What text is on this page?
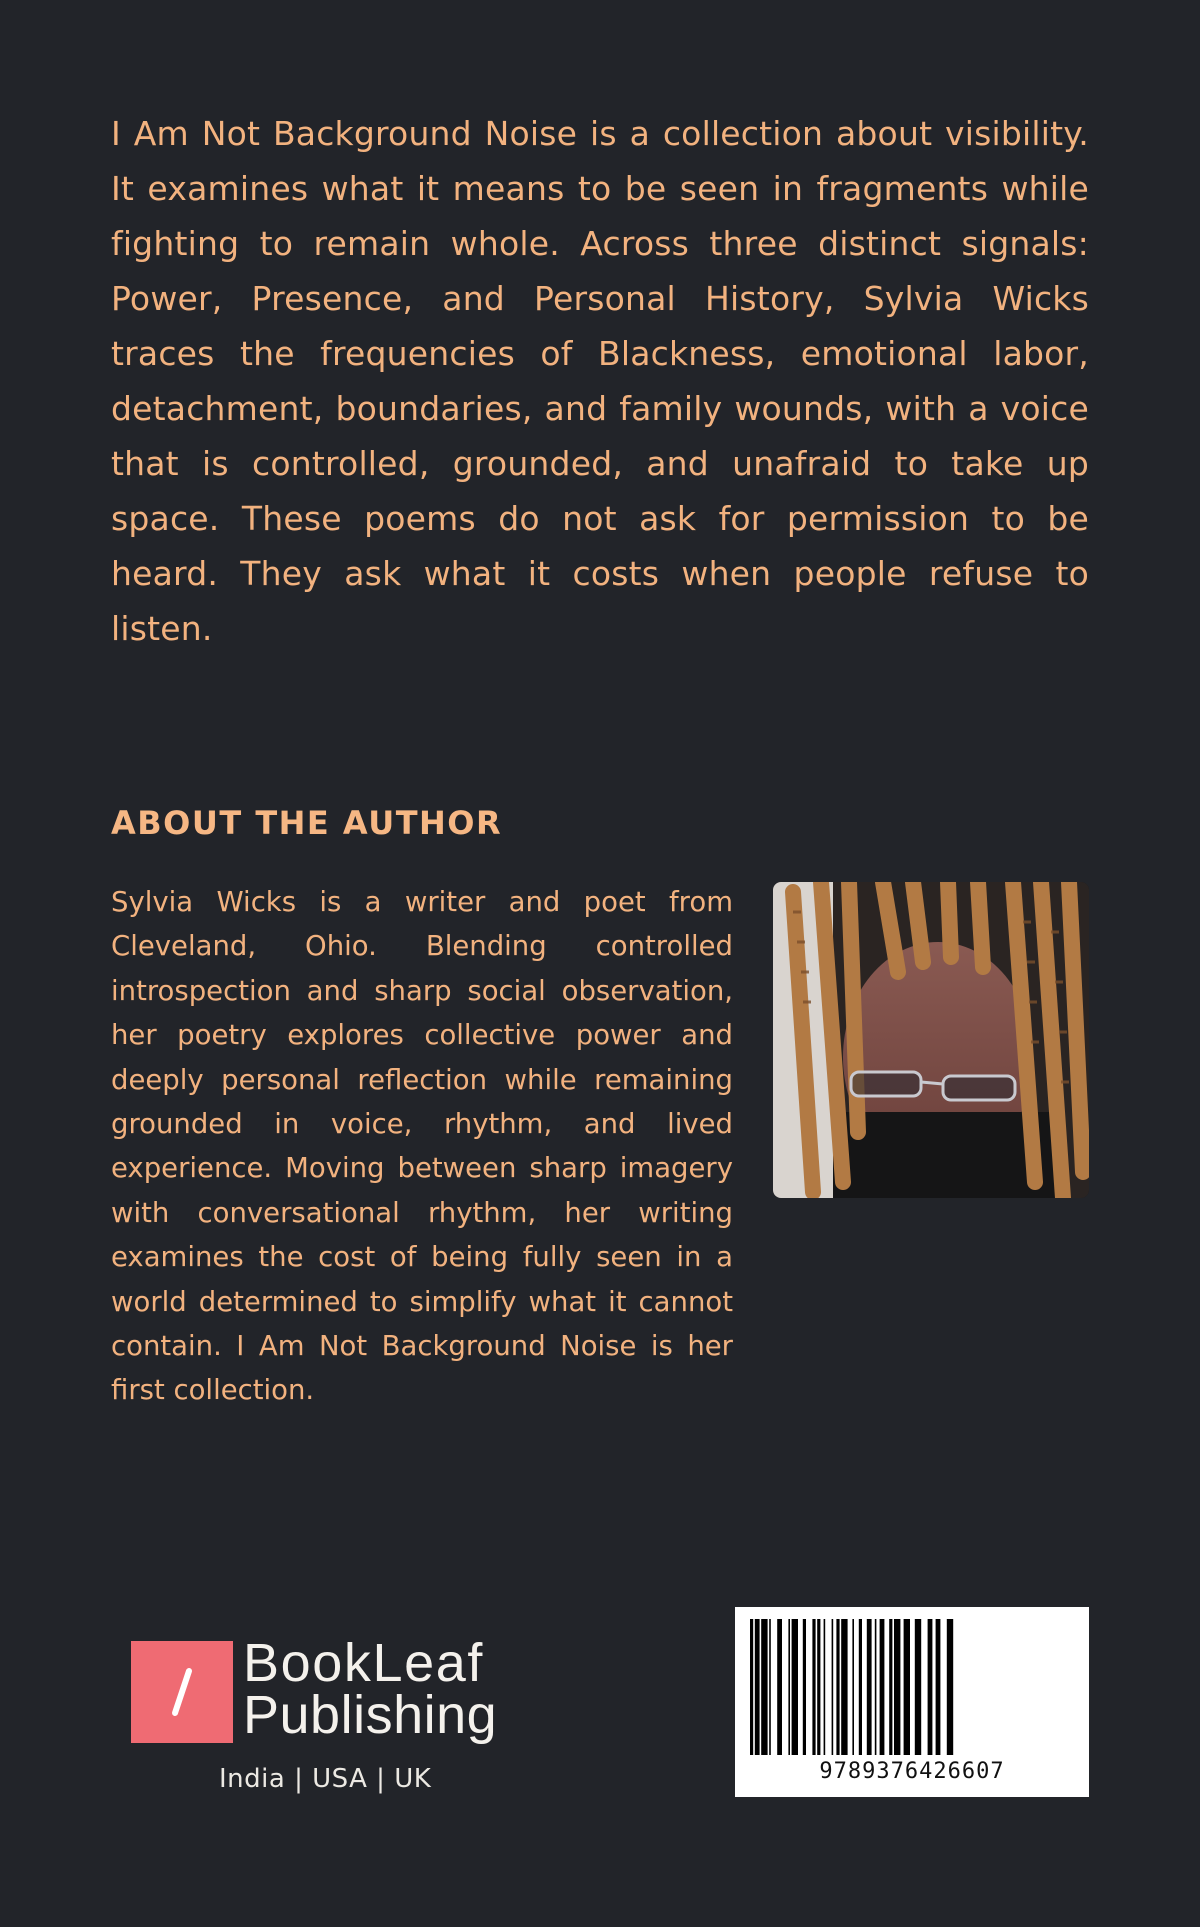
I Am Not Background Noise is a collection about visibility. It examines what it means to be seen in fragments while fighting to remain whole. Across three distinct signals: Power, Presence, and Personal History, Sylvia Wicks traces the frequencies of Blackness, emotional labor, detachment, boundaries, and family wounds, with a voice that is controlled, grounded, and unafraid to take up space. These poems do not ask for permission to be heard. They ask what it costs when people refuse to listen.
ABOUT THE AUTHOR
Sylvia Wicks is a writer and poet from Cleveland, Ohio. Blending controlled introspection and sharp social observation, her poetry explores collective power and deeply personal reflection while remaining grounded in voice, rhythm, and lived experience. Moving between sharp imagery with conversational rhythm, her writing examines the cost of being fully seen in a world determined to simplify what it cannot contain. I Am Not Background Noise is her first collection.
BookLeaf
Publishing
India | USA | UK	9789376426607
